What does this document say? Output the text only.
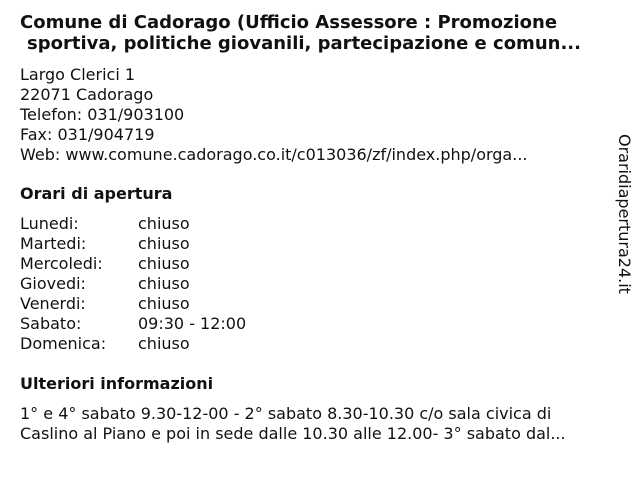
Comune di Cadorago (Ufficio Assessore : Promozione
sportiva, politiche giovanili, partecipazione e comun...
Largo Clerici 1
22071 Cadorago
Telefon: 031/903100
Fax: 031/904719
Web: www.comune.cadorago.co.it/c013036/zf/index.php/orga...
Orari di apertura
Lunedi:	chiuso
Martedi:	chiuso
Mercoledi:	chiuso
Giovedi:	chiuso
Venerdi:	chiuso
Sabato:	09:30 - 12:00
Domenica:	chiuso
Ulteriori informazioni
1° e 4° sabato 9.30-12-00 - 2° sabato 8.30-10.30 c/o sala civica di
Caslino al Piano e poi in sede dalle 10.30 alle 12.00- 3° sabato dal...
Oraridiapertura24.it
